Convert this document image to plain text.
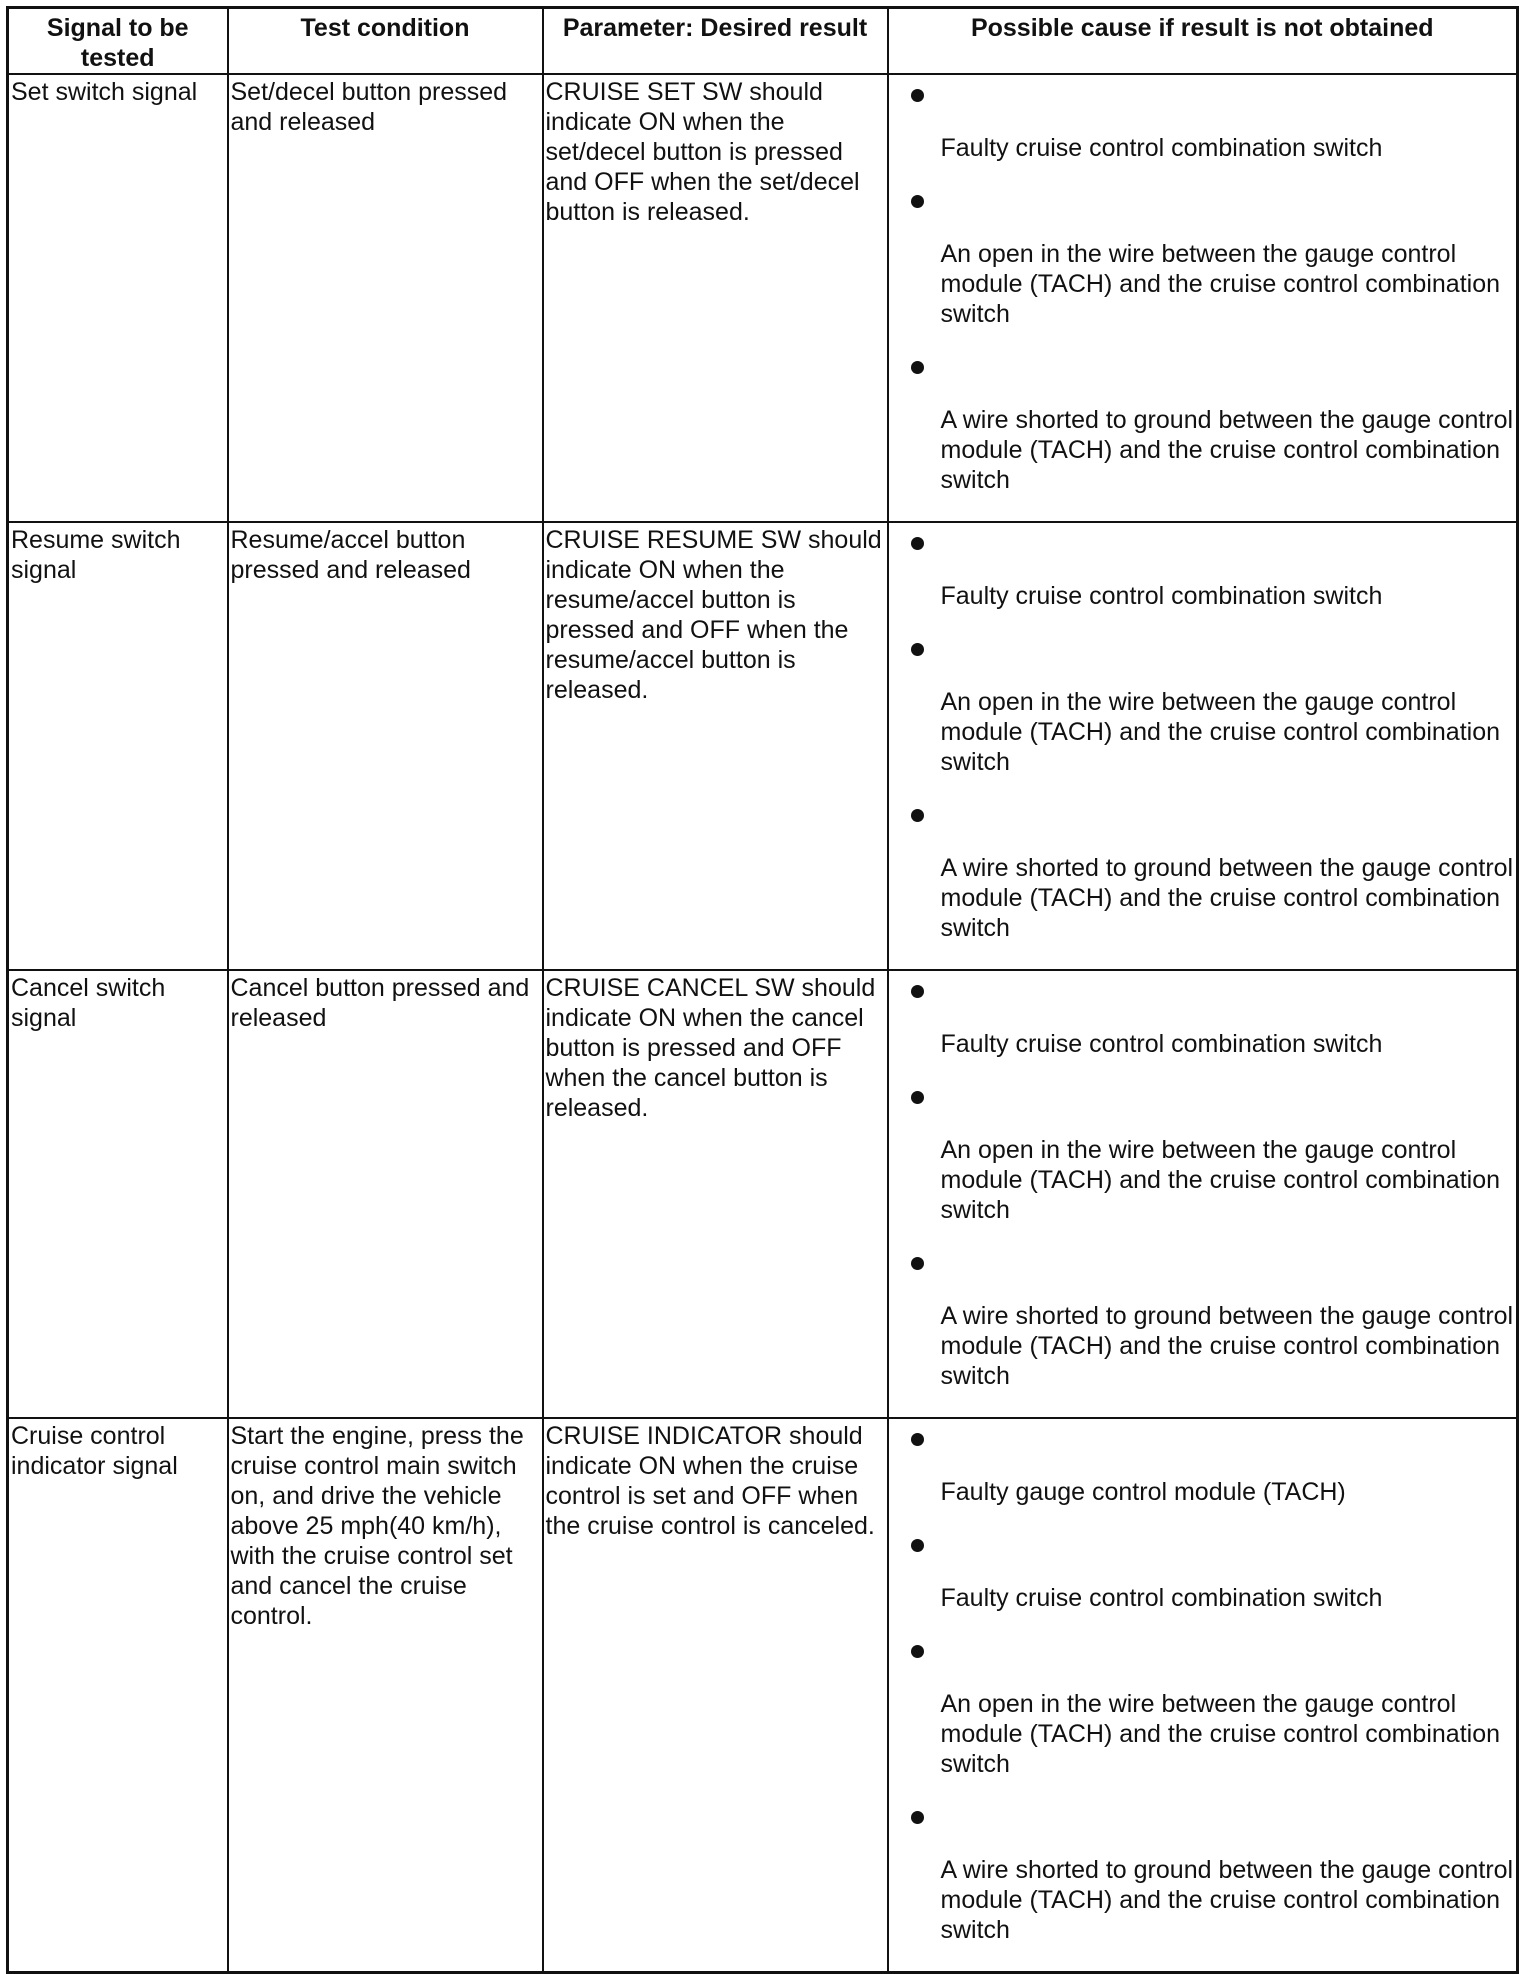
Signal to be tested	Test condition	Parameter: Desired result	Possible cause if result is not obtained
Set switch signal	Set/decel button pressed and released	CRUISE SET SW should indicate ON when the set/decel button is pressed and OFF when the set/decel button is released.	Faulty cruise control combination switch
An open in the wire between the gauge control module (TACH) and the cruise control combination switch
A wire shorted to ground between the gauge control module (TACH) and the cruise control combination switch

Resume switch signal	Resume/accel button pressed and released	CRUISE RESUME SW should indicate ON when the resume/accel button is pressed and OFF when the resume/accel button is released.	Faulty cruise control combination switch
An open in the wire between the gauge control module (TACH) and the cruise control combination switch
A wire shorted to ground between the gauge control module (TACH) and the cruise control combination switch

Cancel switch signal	Cancel button pressed and released	CRUISE CANCEL SW should indicate ON when the cancel button is pressed and OFF when the cancel button is released.	Faulty cruise control combination switch
An open in the wire between the gauge control module (TACH) and the cruise control combination switch
A wire shorted to ground between the gauge control module (TACH) and the cruise control combination switch

Cruise control indicator signal	Start the engine, press the cruise control main switch on, and drive the vehicle above 25 mph(40 km/h), with the cruise control set and cancel the cruise control.	CRUISE INDICATOR should indicate ON when the cruise control is set and OFF when the cruise control is canceled.	Faulty gauge control module (TACH)
Faulty cruise control combination switch
An open in the wire between the gauge control module (TACH) and the cruise control combination switch
A wire shorted to ground between the gauge control module (TACH) and the cruise control combination switch
